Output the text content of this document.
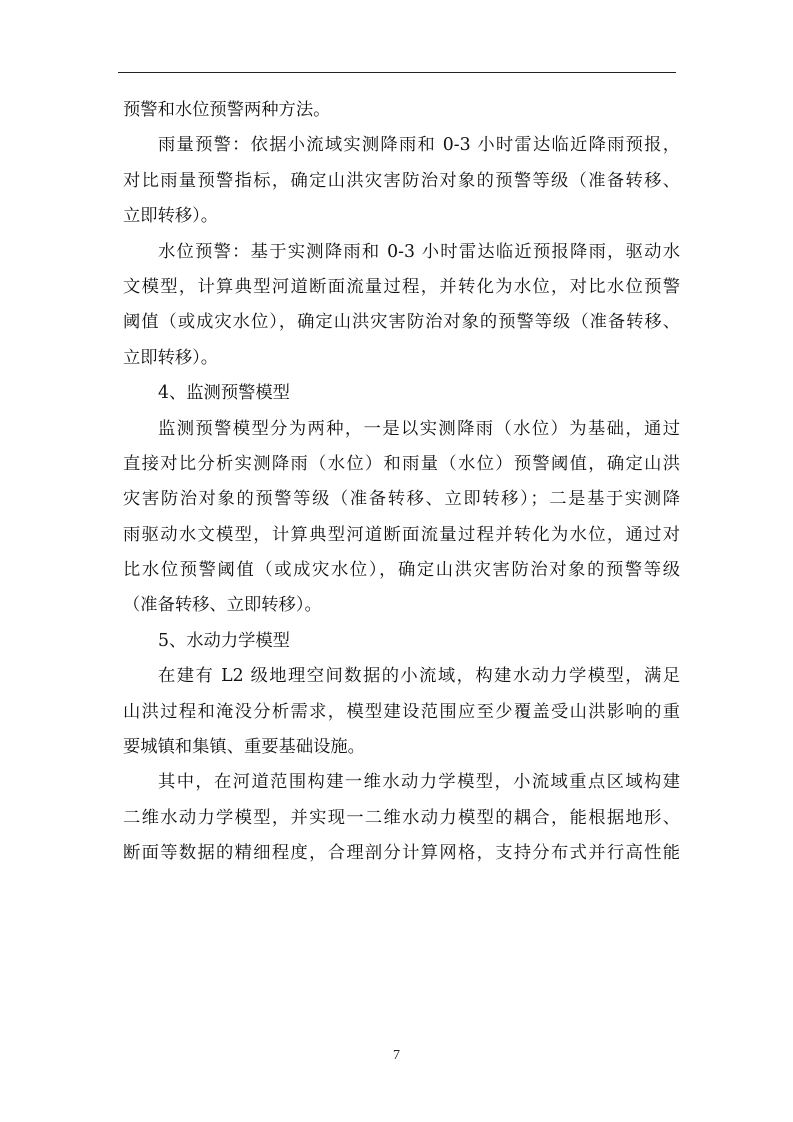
预警和水位预警两种方法。
雨量预警：依据小流域实测降雨和 0-3 小时雷达临近降雨预报，
对比雨量预警指标，确定山洪灾害防治对象的预警等级（准备转移、
立即转移）。
水位预警：基于实测降雨和 0-3 小时雷达临近预报降雨，驱动水
文模型，计算典型河道断面流量过程，并转化为水位，对比水位预警
阈值（或成灾水位），确定山洪灾害防治对象的预警等级（准备转移、
立即转移）。
4、监测预警模型
监测预警模型分为两种，一是以实测降雨（水位）为基础，通过
直接对比分析实测降雨（水位）和雨量（水位）预警阈值，确定山洪
灾害防治对象的预警等级（准备转移、立即转移）；二是基于实测降
雨驱动水文模型，计算典型河道断面流量过程并转化为水位，通过对
比水位预警阈值（或成灾水位），确定山洪灾害防治对象的预警等级
（准备转移、立即转移）。
5、水动力学模型
在建有 L2 级地理空间数据的小流域，构建水动力学模型，满足
山洪过程和淹没分析需求，模型建设范围应至少覆盖受山洪影响的重
要城镇和集镇、重要基础设施。
其中，在河道范围构建一维水动力学模型，小流域重点区域构建
二维水动力学模型，并实现一二维水动力模型的耦合，能根据地形、
断面等数据的精细程度，合理剖分计算网格，支持分布式并行高性能
7
